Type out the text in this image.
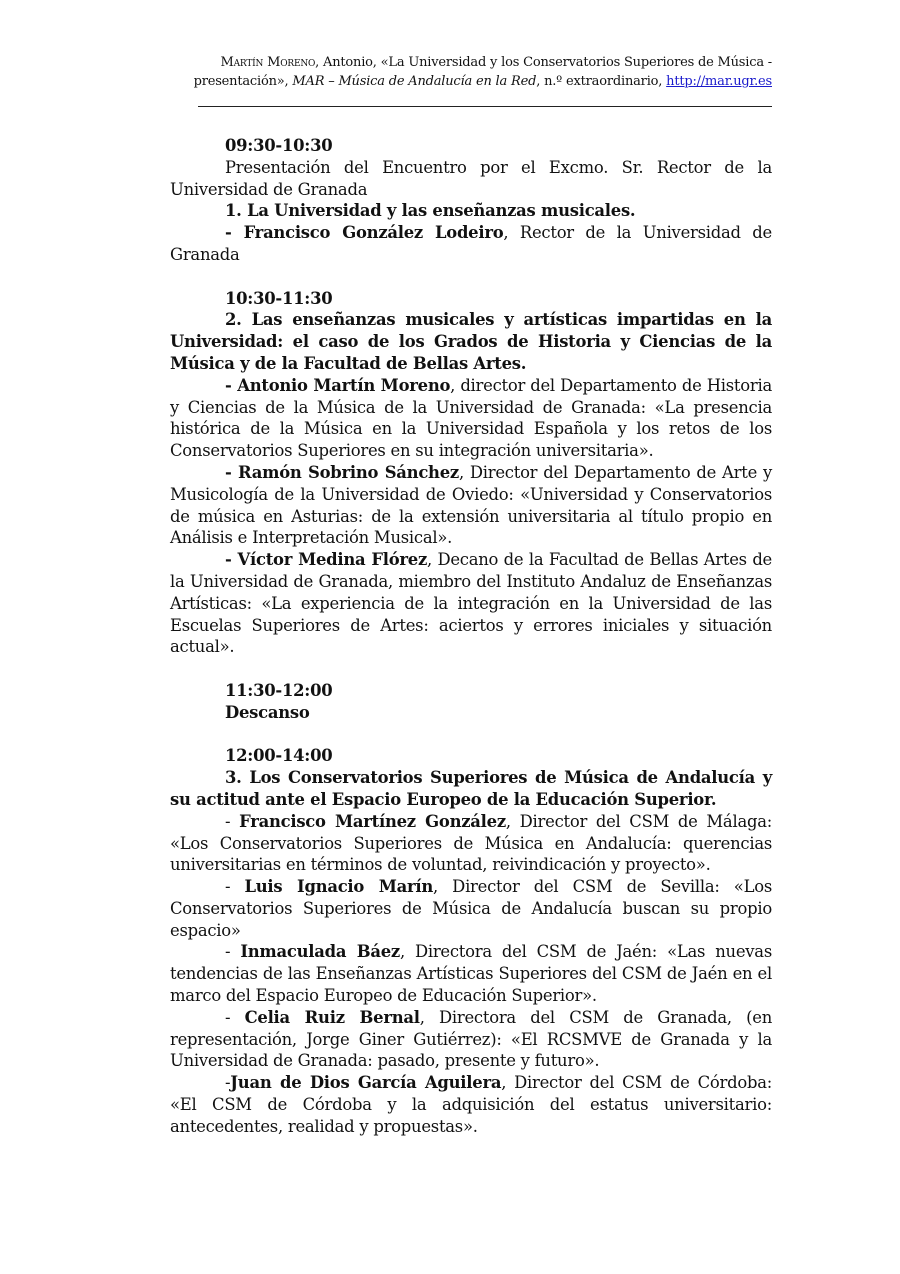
Martín Moreno, Antonio, «La Universidad y los Conservatorios Superiores de Música -
presentación», MAR – Música de Andalucía en la Red, n.º extraordinario, http://mar.ugr.es

09:30-10:30

Presentación del Encuentro por el Excmo. Sr. Rector de la Universidad de Granada

1. La Universidad y las enseñanzas musicales.

- Francisco González Lodeiro, Rector de la Universidad de Granada

10:30-11:30

2. Las enseñanzas musicales y artísticas impartidas en la Universidad: el caso de los Grados de Historia y Ciencias de la Música y de la Facultad de Bellas Artes.

- Antonio Martín Moreno, director del Departamento de Historia y Ciencias de la Música de la Universidad de Granada: «La presencia histórica de la Música en la Universidad Española y los retos de los Conservatorios Superiores en su integración universitaria».

- Ramón Sobrino Sánchez, Director del Departamento de Arte y Musicología de la Universidad de Oviedo: «Universidad y Conservatorios de música en Asturias: de la extensión universitaria al título propio en Análisis e Interpretación Musical».

- Víctor Medina Flórez, Decano de la Facultad de Bellas Artes de la Universidad de Granada, miembro del Instituto Andaluz de Enseñanzas Artísticas: «La experiencia de la integración en la Universidad de las Escuelas Superiores de Artes: aciertos y errores iniciales y situación actual».

11:30-12:00

Descanso

12:00-14:00

3. Los Conservatorios Superiores de Música de Andalucía y su actitud ante el Espacio Europeo de la Educación Superior.

- Francisco Martínez González, Director del CSM de Málaga: «Los Conservatorios Superiores de Música en Andalucía: querencias universitarias en términos de voluntad, reivindicación y proyecto».

- Luis Ignacio Marín, Director del CSM de Sevilla: «Los Conservatorios Superiores de Música de Andalucía buscan su propio espacio»

- Inmaculada Báez, Directora del CSM de Jaén: «Las nuevas tendencias de las Enseñanzas Artísticas Superiores del CSM de Jaén en el marco del Espacio Europeo de Educación Superior».

- Celia Ruiz Bernal, Directora del CSM de Granada, (en representación, Jorge Giner Gutiérrez): «El RCSMVE de Granada y la Universidad de Granada: pasado, presente y futuro».

-Juan de Dios García Aguilera, Director del CSM de Córdoba: «El CSM de Córdoba y la adquisición del estatus universitario: antecedentes, realidad y propuestas».
